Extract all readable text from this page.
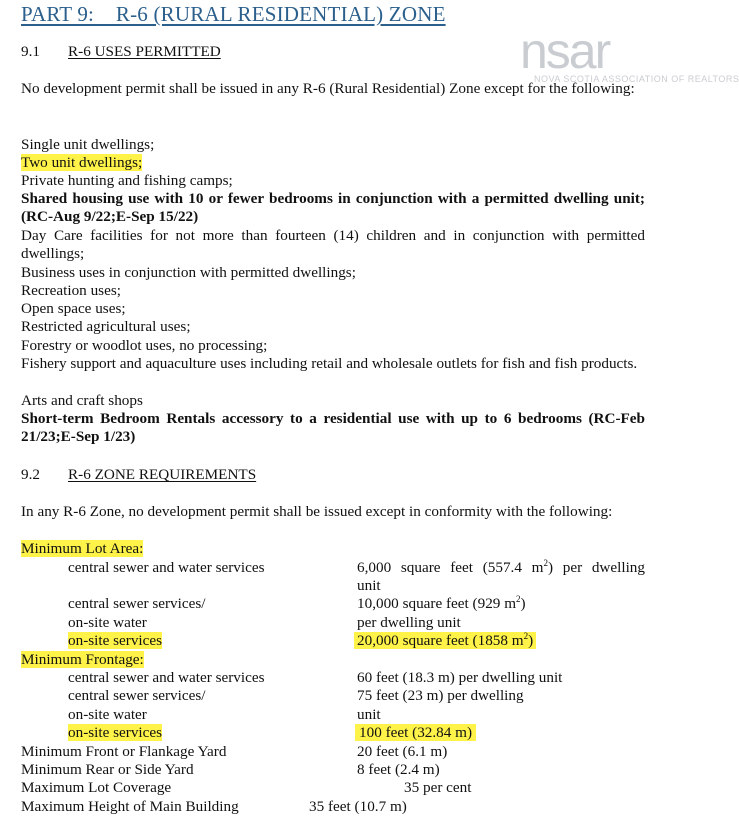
PART 9:    R-6 (RURAL RESIDENTIAL) ZONE
nsar
NOVA SCOTIA ASSOCIATION OF REALTORS
9.1 R-6 USES PERMITTED
No development permit shall be issued in any R-6 (Rural Residential) Zone except for the following:
Single unit dwellings;
Two unit dwellings;
Private hunting and fishing camps;
Shared housing use with 10 or fewer bedrooms in conjunction with a permitted dwelling unit; (RC-Aug 9/22;E-Sep 15/22)
Day Care facilities for not more than fourteen (14) children and in conjunction with permitted dwellings;
Business uses in conjunction with permitted dwellings;
Recreation uses;
Open space uses;
Restricted agricultural uses;
Forestry or woodlot uses, no processing;
Fishery support and aquaculture uses including retail and wholesale outlets for fish and fish products.
Arts and craft shops
Short-term Bedroom Rentals accessory to a residential use with up to 6 bedrooms (RC-Feb 21/23;E-Sep 1/23)
9.2 R-6 ZONE REQUIREMENTS
In any R-6 Zone, no development permit shall be issued except in conformity with the following:
Minimum Lot Area:
central sewer and water services	6,000 square feet (557.4 $m^2$) per dwelling
unit
central sewer services/	10,000 square feet (929 $m^2$)
on-site water	per dwelling unit
on-site services	20,000 square feet (1858 $m^2$)
Minimum Frontage:
central sewer and water services	60 feet (18.3 m) per dwelling unit
central sewer services/	75 feet (23 m) per dwelling
on-site water	unit
on-site services	100 feet (32.84 m)
Minimum Front or Flankage Yard	20 feet (6.1 m)
Minimum Rear or Side Yard	8 feet (2.4 m)
Maximum Lot Coverage	35 per cent
Maximum Height of Main Building	35 feet (10.7 m)
